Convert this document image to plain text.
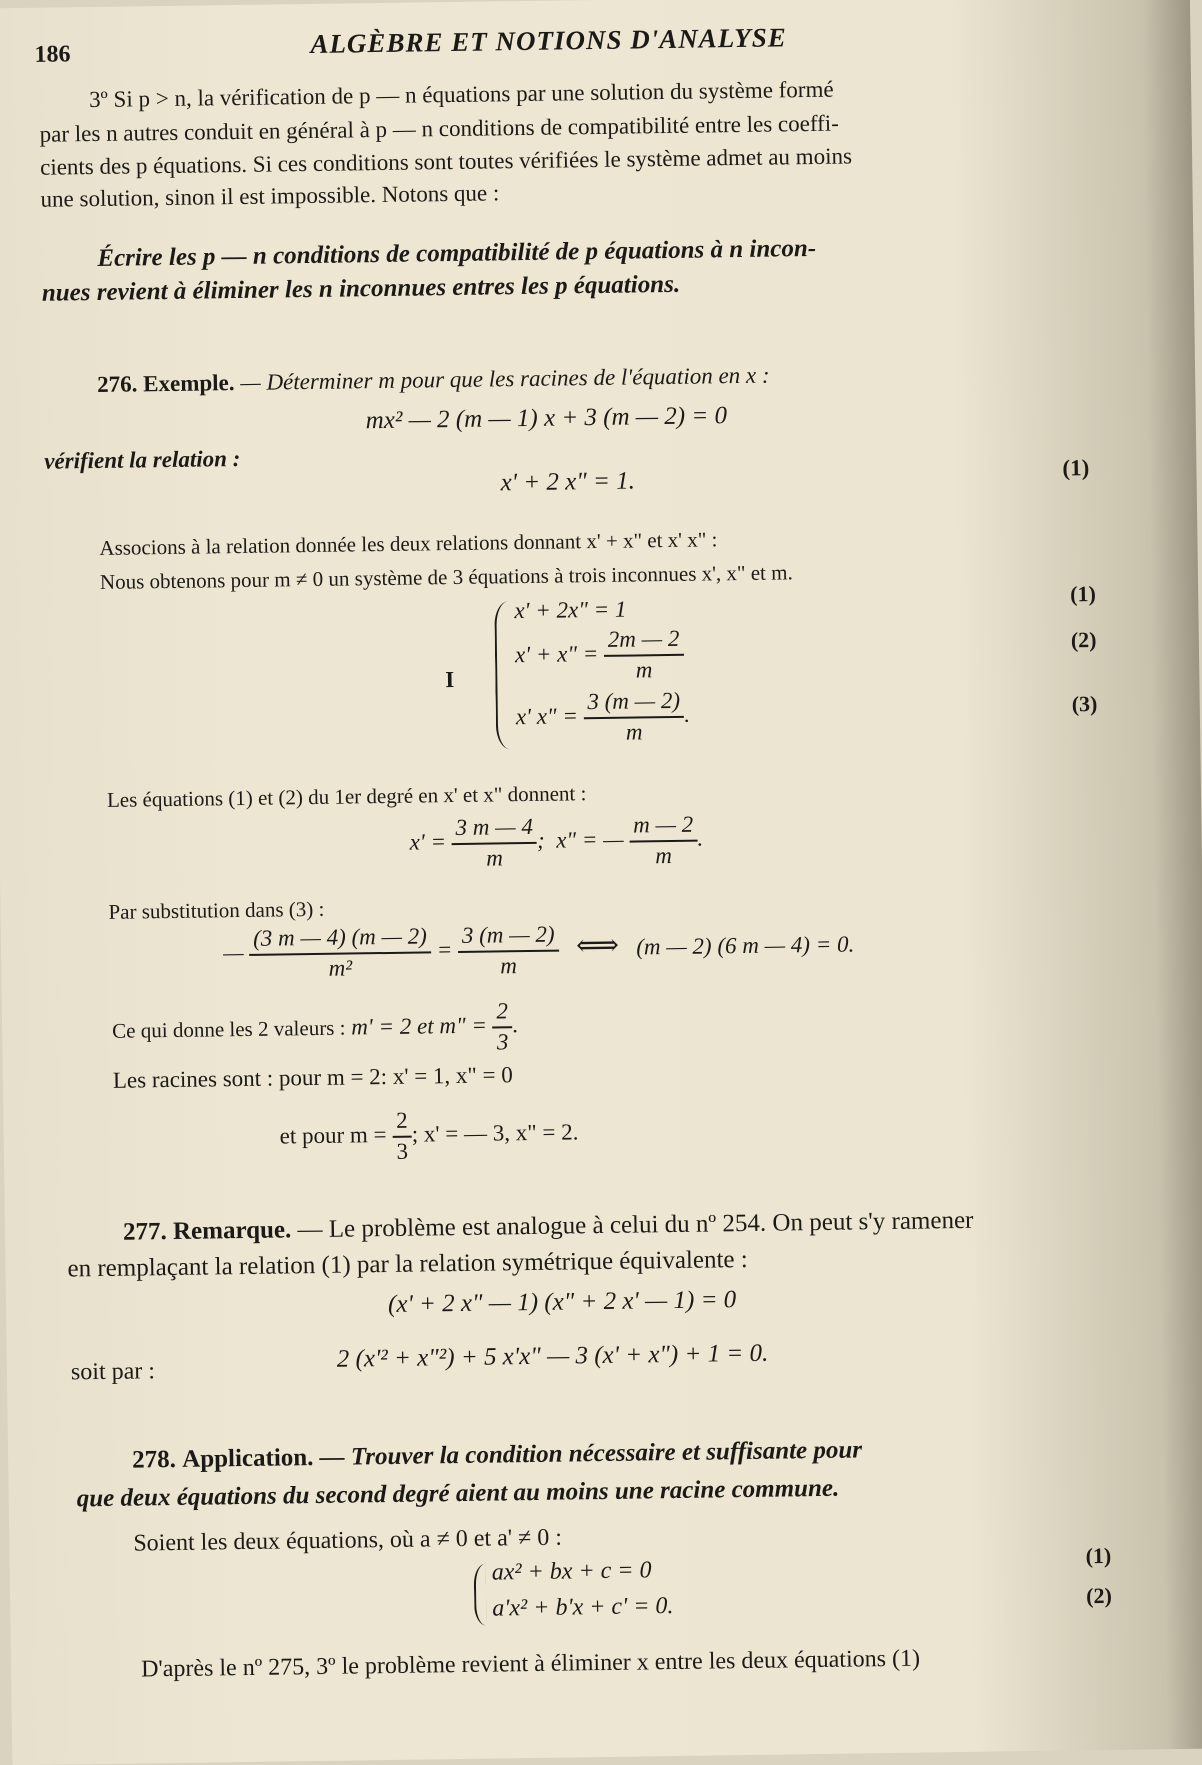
186	ALGÈBRE ET NOTIONS D'ANALYSE
3º Si p > n, la vérification de p — n équations par une solution du système formé
par les n autres conduit en général à p — n conditions de compatibilité entre les coeffi-
cients des p équations. Si ces conditions sont toutes vérifiées le système admet au moins
une solution, sinon il est impossible. Notons que :
Écrire les p — n conditions de compatibilité de p équations à n incon-
nues revient à éliminer les n inconnues entres les p équations.
276. Exemple. — Déterminer m pour que les racines de l'équation en x :
mx² — 2 (m — 1) x + 3 (m — 2) = 0
vérifient la relation :
x' + 2 x" = 1.	(1)
Associons à la relation donnée les deux relations donnant x' + x" et x' x" :
Nous obtenons pour m ≠ 0 un système de 3 équations à trois inconnues x', x" et m.
I
x' + 2x" = 1
x' + x" = $\frac{2m — 2}{m}$
x' x" = $\frac{3 (m — 2)}{m}$ .
(1)
(2)
(3)
Les équations (1) et (2) du 1er degré en x' et x" donnent :
$x' = \frac{3 m — 4}{m}$ ; x" = — $\frac{m — 2}{m}$ .
Par substitution dans (3) :
— $\frac{(3 m — 4) (m — 2)}{\text{m²}} = \frac{3 (m — 2)}{m}$ ⟺ (m — 2) (6 m — 4) = 0.
Ce qui donne les 2 valeurs : m' = 2 et m" = $\frac{2}{3}$ .
Les racines sont : pour m = 2: x' = 1, x" = 0
et pour $m = \frac{2}{3}$ ; x' = — 3, x" = 2.
277. Remarque. — Le problème est analogue à celui du nº 254. On peut s'y ramener
en remplaçant la relation (1) par la relation symétrique équivalente :
(x' + 2 x" — 1) (x" + 2 x' — 1) = 0
soit par :	2 (x'² + x"²) + 5 x'x" — 3 (x' + x") + 1 = 0.
278. Application. — Trouver la condition nécessaire et suffisante pour
que deux équations du second degré aient au moins une racine commune.
Soient les deux équations, où a ≠ 0 et a' ≠ 0 :
ax² + bx + c = 0
a'x² + b'x + c' = 0.
(1)
(2)
D'après le nº 275, 3º le problème revient à éliminer x entre les deux équations (1)
